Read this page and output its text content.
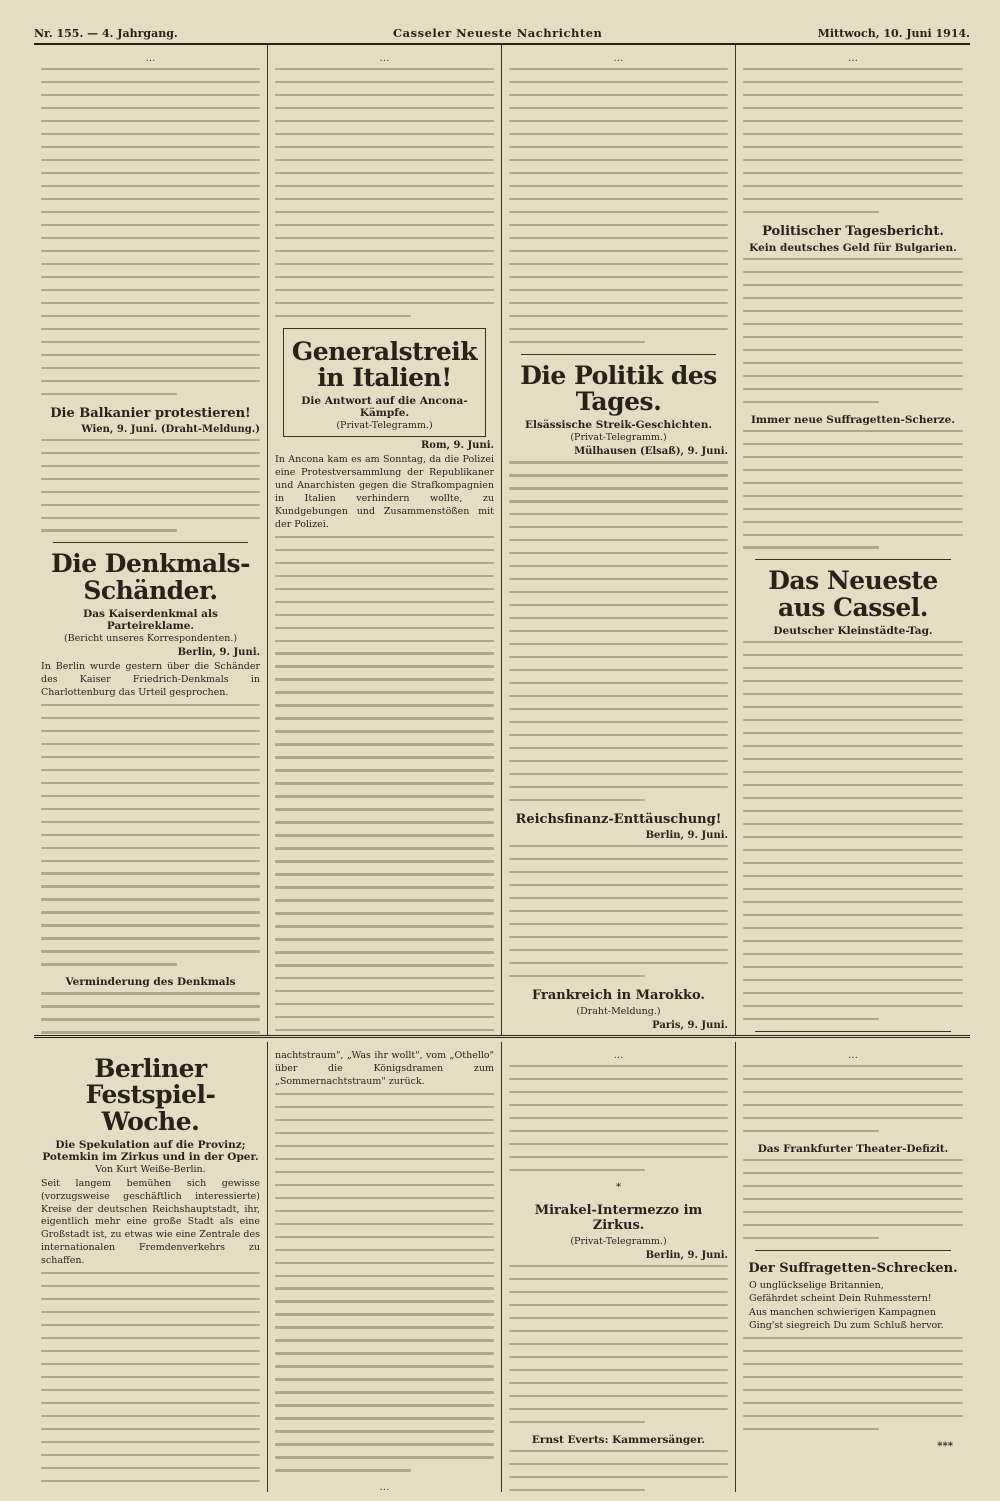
Nr. 155. — 4. Jahrgang.	Casseler Neueste Nachrichten	Mittwoch, 10. Juni 1914.
…
Die Balkanier protestieren!
Wien, 9. Juni. (Draht-Meldung.)
Die Denkmals-Schänder.
Das Kaiserdenkmal als Parteireklame.
(Bericht unseres Korrespondenten.)
Berlin, 9. Juni.

In Berlin wurde gestern über die Schänder des Kaiser Friedrich-Denkmals in Charlottenburg das Urteil gesprochen.

Verminderung des Denkmals
…
Generalstreik in Italien!
Die Antwort auf die Ancona-Kämpfe.
(Privat-Telegramm.)
Rom, 9. Juni.

In Ancona kam es am Sonntag, da die Polizei eine Protestversammlung der Republikaner und Anarchisten gegen die Strafkompagnien in Italien verhindern wollte, zu Kundgebungen und Zusammenstößen mit der Polizei.

…
Die Politik des Tages.
Elsässische Streik-Geschichten.
(Privat-Telegramm.)
Mülhausen (Elsaß), 9. Juni.
Reichsfinanz-Enttäuschung!
Berlin, 9. Juni.
Frankreich in Marokko.
(Draht-Meldung.)
Paris, 9. Juni.
…
Politischer Tagesbericht.
Kein deutsches Geld für Bulgarien.
Immer neue Suffragetten-Scherze.
Das Neueste aus Cassel.
Deutscher Kleinstädte-Tag.
Berliner Festspiel-Woche.
Die Spekulation auf die Provinz; Potemkin im Zirkus und in der Oper.
Von Kurt Weiße-Berlin.

Seit langem bemühen sich gewisse (vorzugsweise geschäftlich interessierte) Kreise der deutschen Reichshauptstadt, ihr, eigentlich mehr eine große Stadt als eine Großstadt ist, zu etwas wie eine Zentrale des internationalen Fremdenverkehrs zu schaffen.

nachtstraum", „Was ihr wollt", vom „Othello" über die Königsdramen zum „Sommernachtstraum" zurück.

…
…
*
Mirakel-Intermezzo im Zirkus.
(Privat-Telegramm.)
Berlin, 9. Juni.
Ernst Everts: Kammersänger.
…
Das Frankfurter Theater-Defizit.
Der Suffragetten-Schrecken.
O unglückselige Britannien,
Gefährdet scheint Dein Ruhmesstern!
Aus manchen schwierigen Kampagnen
Ging'st siegreich Du zum Schluß hervor.
***
